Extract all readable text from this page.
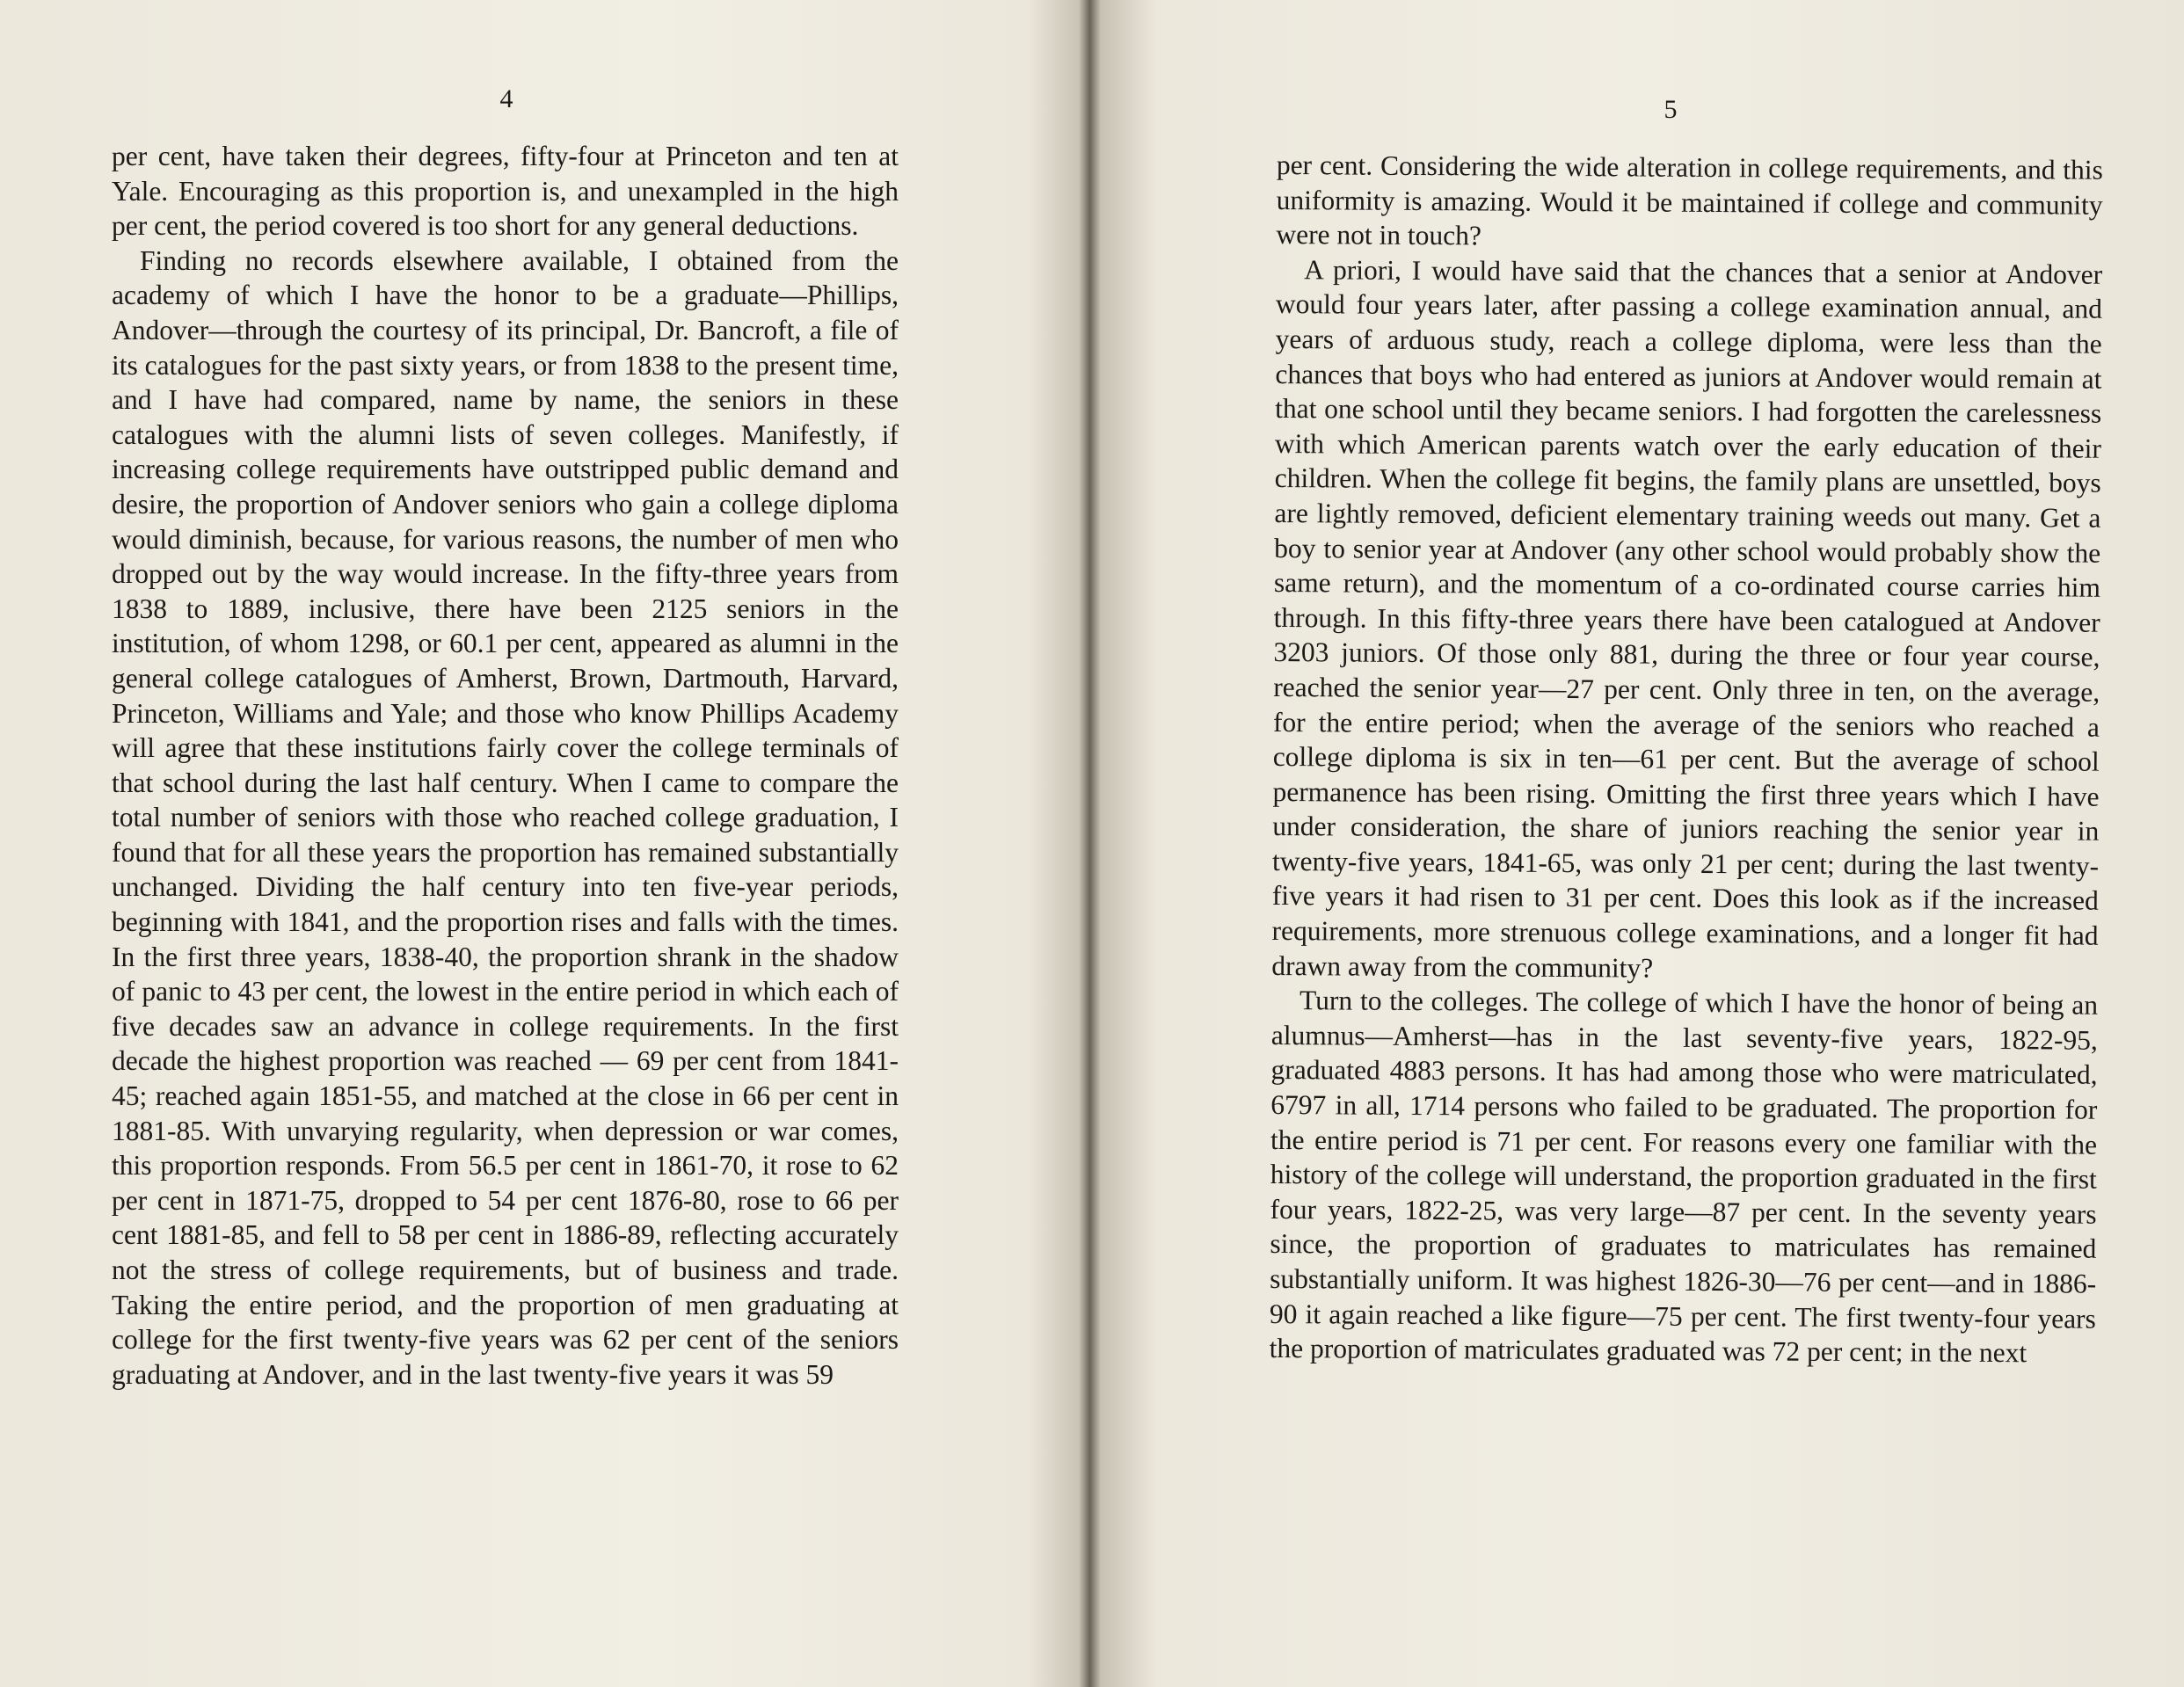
4

per cent, have taken their degrees, fifty-four at Princeton and ten at Yale. Encouraging as this proportion is, and unexampled in the high per cent, the period covered is too short for any general deductions.

Finding no records elsewhere available, I obtained from the academy of which I have the honor to be a graduate—Phillips, Andover—through the courtesy of its principal, Dr. Bancroft, a file of its catalogues for the past sixty years, or from 1838 to the present time, and I have had compared, name by name, the seniors in these catalogues with the alumni lists of seven colleges. Manifestly, if increasing college requirements have outstripped public demand and desire, the proportion of Andover seniors who gain a college diploma would diminish, because, for various reasons, the number of men who dropped out by the way would increase. In the fifty-three years from 1838 to 1889, inclusive, there have been 2125 seniors in the institution, of whom 1298, or 60.1 per cent, appeared as alumni in the general college catalogues of Amherst, Brown, Dartmouth, Harvard, Princeton, Williams and Yale; and those who know Phillips Academy will agree that these institutions fairly cover the college terminals of that school during the last half century. When I came to compare the total number of seniors with those who reached college graduation, I found that for all these years the proportion has remained substantially unchanged. Dividing the half century into ten five-year periods, beginning with 1841, and the proportion rises and falls with the times. In the first three years, 1838-40, the proportion shrank in the shadow of panic to 43 per cent, the lowest in the entire period in which each of five decades saw an advance in college requirements. In the first decade the highest proportion was reached — 69 per cent from 1841-45; reached again 1851-55, and matched at the close in 66 per cent in 1881-85. With unvarying regularity, when depression or war comes, this proportion responds. From 56.5 per cent in 1861-70, it rose to 62 per cent in 1871-75, dropped to 54 per cent 1876-80, rose to 66 per cent 1881-85, and fell to 58 per cent in 1886-89, reflecting accurately not the stress of college requirements, but of business and trade. Taking the entire period, and the proportion of men graduating at college for the first twenty-five years was 62 per cent of the seniors graduating at Andover, and in the last twenty-five years it was 59

5

per cent. Considering the wide alteration in college requirements, and this uniformity is amazing. Would it be maintained if college and community were not in touch?

A priori, I would have said that the chances that a senior at Andover would four years later, after passing a college examination annual, and years of arduous study, reach a college diploma, were less than the chances that boys who had entered as juniors at Andover would remain at that one school until they became seniors. I had forgotten the carelessness with which American parents watch over the early education of their children. When the college fit begins, the family plans are unsettled, boys are lightly removed, deficient elementary training weeds out many. Get a boy to senior year at Andover (any other school would probably show the same return), and the momentum of a co-ordinated course carries him through. In this fifty-three years there have been catalogued at Andover 3203 juniors. Of those only 881, during the three or four year course, reached the senior year—27 per cent. Only three in ten, on the average, for the entire period; when the average of the seniors who reached a college diploma is six in ten—61 per cent. But the average of school permanence has been rising. Omitting the first three years which I have under consideration, the share of juniors reaching the senior year in twenty-five years, 1841-65, was only 21 per cent; during the last twenty-five years it had risen to 31 per cent. Does this look as if the increased requirements, more strenuous college examinations, and a longer fit had drawn away from the community?

Turn to the colleges. The college of which I have the honor of being an alumnus—Amherst—has in the last seventy-five years, 1822-95, graduated 4883 persons. It has had among those who were matriculated, 6797 in all, 1714 persons who failed to be graduated. The proportion for the entire period is 71 per cent. For reasons every one familiar with the history of the college will understand, the proportion graduated in the first four years, 1822-25, was very large—87 per cent. In the seventy years since, the proportion of graduates to matriculates has remained substantially uniform. It was highest 1826-30—76 per cent—and in 1886-90 it again reached a like figure—75 per cent. The first twenty-four years the proportion of matriculates graduated was 72 per cent; in the next
